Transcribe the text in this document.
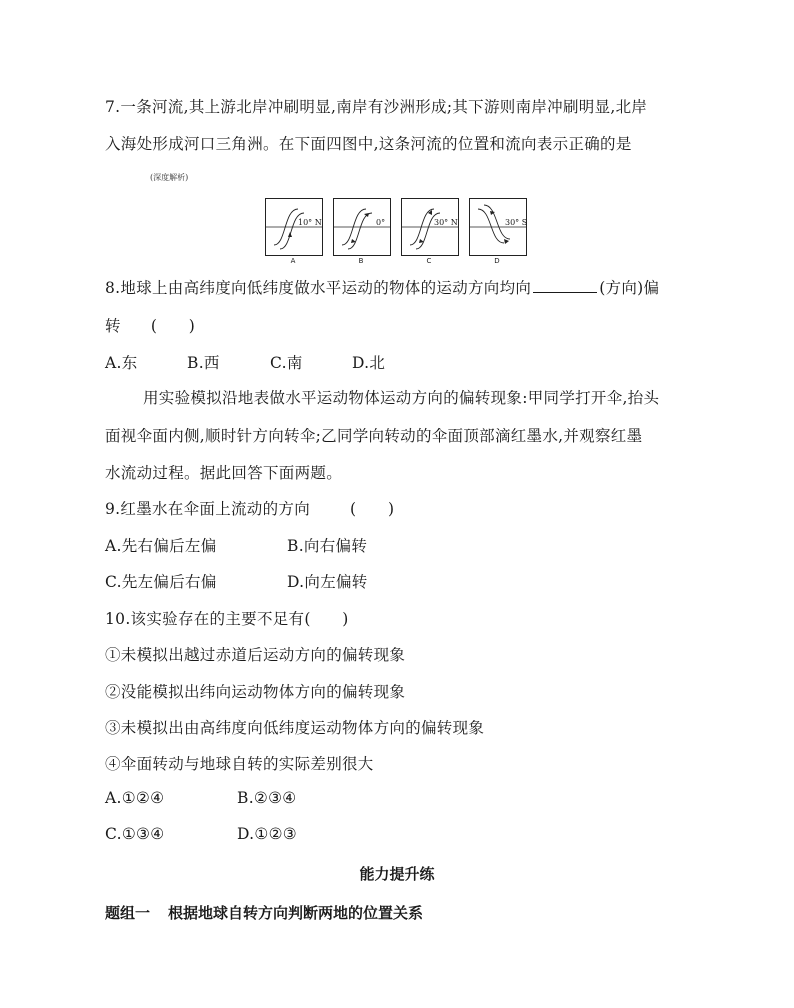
7.一条河流,其上游北岸冲刷明显,南岸有沙洲形成;其下游则南岸冲刷明显,北岸
入海处形成河口三角洲。在下面四图中,这条河流的位置和流向表示正确的是
(深度解析)
A
10° N
B
0°
C
30° N
D
30° S
8.地球上由高纬度向低纬度做水平运动的物体的运动方向均向	(方向)偏
转 (　　)
A.东	B.西	C.南	D.北
用实验模拟沿地表做水平运动物体运动方向的偏转现象:甲同学打开伞,抬头
面视伞面内侧,顺时针方向转伞;乙同学向转动的伞面顶部滴红墨水,并观察红墨
水流动过程。据此回答下面两题。
9.红墨水在伞面上流动的方向	(　　)
A.先右偏后左偏	B.向右偏转
C.先左偏后右偏	D.向左偏转
10.该实验存在的主要不足有(　　)
①未模拟出越过赤道后运动方向的偏转现象
②没能模拟出纬向运动物体方向的偏转现象
③未模拟出由高纬度向低纬度运动物体方向的偏转现象
④伞面转动与地球自转的实际差别很大
A.①②④	B.②③④
C.①③④	D.①②③
能力提升练
题组一 根据地球自转方向判断两地的位置关系
